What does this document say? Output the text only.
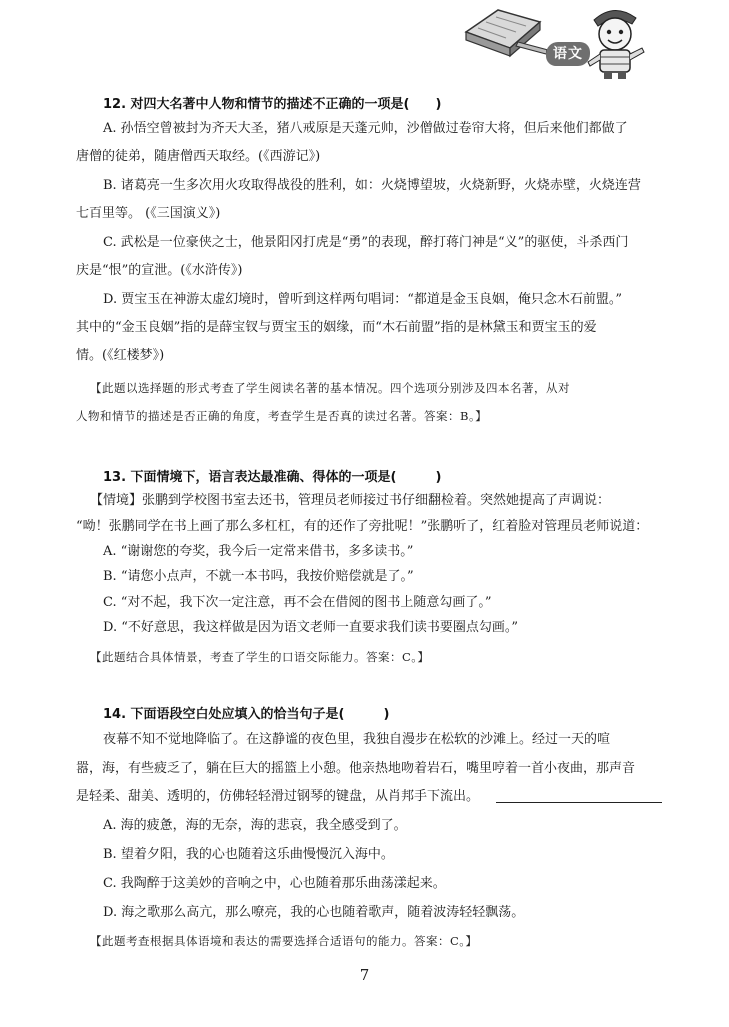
语文
12. 对四大名著中人物和情节的描述不正确的一项是(　　)
A. 孙悟空曾被封为齐天大圣，猪八戒原是天蓬元帅，沙僧做过卷帘大将，但后来他们都做了
唐僧的徒弟，随唐僧西天取经。(《西游记》)
B. 诸葛亮一生多次用火攻取得战役的胜利，如：火烧博望坡，火烧新野，火烧赤壁，火烧连营
七百里等。 (《三国演义》)
C. 武松是一位豪侠之士，他景阳冈打虎是“勇”的表现，醉打蒋门神是“义”的驱使，斗杀西门
庆是“恨”的宣泄。(《水浒传》)
D. 贾宝玉在神游太虚幻境时，曾听到这样两句唱词：“都道是金玉良姻，俺只念木石前盟。”
其中的“金玉良姻”指的是薛宝钗与贾宝玉的姻缘，而“木石前盟”指的是林黛玉和贾宝玉的爱
情。(《红楼梦》)
【此题以选择题的形式考查了学生阅读名著的基本情况。四个选项分别涉及四本名著，从对
人物和情节的描述是否正确的角度，考查学生是否真的读过名著。答案：B。】
13. 下面情境下，语言表达最准确、得体的一项是(　　　)
【情境】张鹏到学校图书室去还书，管理员老师接过书仔细翻检着。突然她提高了声调说：
“呦！张鹏同学在书上画了那么多杠杠，有的还作了旁批呢！”张鹏听了，红着脸对管理员老师说道：
A. “谢谢您的夸奖，我今后一定常来借书，多多读书。”
B. “请您小点声，不就一本书吗，我按价赔偿就是了。”
C. “对不起，我下次一定注意，再不会在借阅的图书上随意勾画了。”
D. “不好意思，我这样做是因为语文老师一直要求我们读书要圈点勾画。”
【此题结合具体情景，考查了学生的口语交际能力。答案：C。】
14. 下面语段空白处应填入的恰当句子是(　　　)
夜幕不知不觉地降临了。在这静谧的夜色里，我独自漫步在松软的沙滩上。经过一天的喧
嚣，海，有些疲乏了，躺在巨大的摇篮上小憩。他亲热地吻着岩石，嘴里哼着一首小夜曲，那声音
是轻柔、甜美、透明的，仿佛轻轻滑过钢琴的键盘，从肖邦手下流出。
A. 海的疲惫，海的无奈，海的悲哀，我全感受到了。
B. 望着夕阳，我的心也随着这乐曲慢慢沉入海中。
C. 我陶醉于这美妙的音响之中，心也随着那乐曲荡漾起来。
D. 海之歌那么高亢，那么嘹亮，我的心也随着歌声，随着波涛轻轻飘荡。
【此题考查根据具体语境和表达的需要选择合适语句的能力。答案：C。】
7
